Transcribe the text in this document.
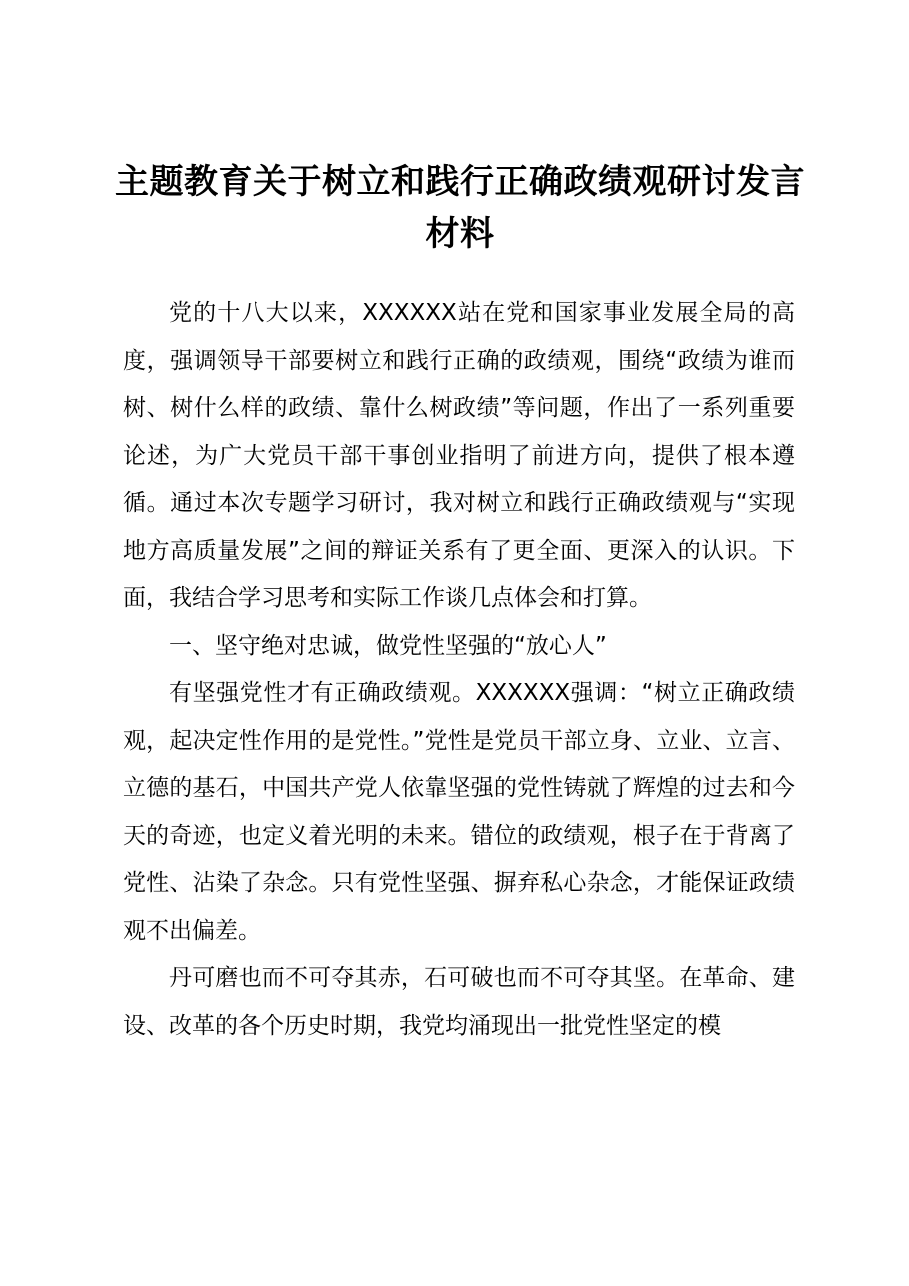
主题教育关于树立和践行正确政绩观研讨发言材料

党的十八大以来，XXXXXX站在党和国家事业发展全局的高度，强调领导干部要树立和践行正确的政绩观，围绕“政绩为谁而树、树什么样的政绩、靠什么树政绩”等问题，作出了一系列重要论述，为广大党员干部干事创业指明了前进方向，提供了根本遵循。通过本次专题学习研讨，我对树立和践行正确政绩观与“实现地方高质量发展”之间的辩证关系有了更全面、更深入的认识。下面，我结合学习思考和实际工作谈几点体会和打算。

一、坚守绝对忠诚，做党性坚强的“放心人”

有坚强党性才有正确政绩观。XXXXXX强调：“树立正确政绩观，起决定性作用的是党性。”党性是党员干部立身、立业、立言、立德的基石，中国共产党人依靠坚强的党性铸就了辉煌的过去和今天的奇迹，也定义着光明的未来。错位的政绩观，根子在于背离了党性、沾染了杂念。只有党性坚强、摒弃私心杂念，才能保证政绩观不出偏差。

丹可磨也而不可夺其赤，石可破也而不可夺其坚。在革命、建设、改革的各个历史时期，我党均涌现出一批党性坚定的模
